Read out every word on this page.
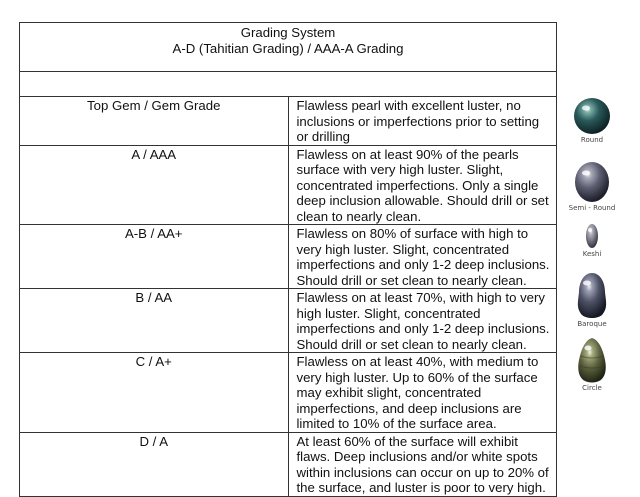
Grading System
A-D (Tahitian Grading) / AAA-A Grading	

Top Gem / Gem Grade	Flawless pearl with excellent luster, no inclusions or imperfections prior to setting or drilling
A / AAA	Flawless on at least 90% of the pearls surface with very high luster. Slight, concentrated imperfections. Only a single deep inclusion allowable. Should drill or set clean to nearly clean.
A-B / AA+	Flawless on 80% of surface with high to very high luster. Slight, concentrated imperfections and only 1-2 deep inclusions. Should drill or set clean to nearly clean.
B / AA	Flawless on at least 70%, with high to very high luster. Slight, concentrated imperfections and only 1-2 deep inclusions. Should drill or set clean to nearly clean.
C / A+	Flawless on at least 40%, with medium to very high luster. Up to 60% of the surface may exhibit slight, concentrated imperfections, and deep inclusions are limited to 10% of the surface area.
D / A	At least 60% of the surface will exhibit flaws. Deep inclusions and/or white spots within inclusions can occur on up to 20% of the surface, and luster is poor to very high.
Round
Semi - Round
Keshi
Baroque
Circle
